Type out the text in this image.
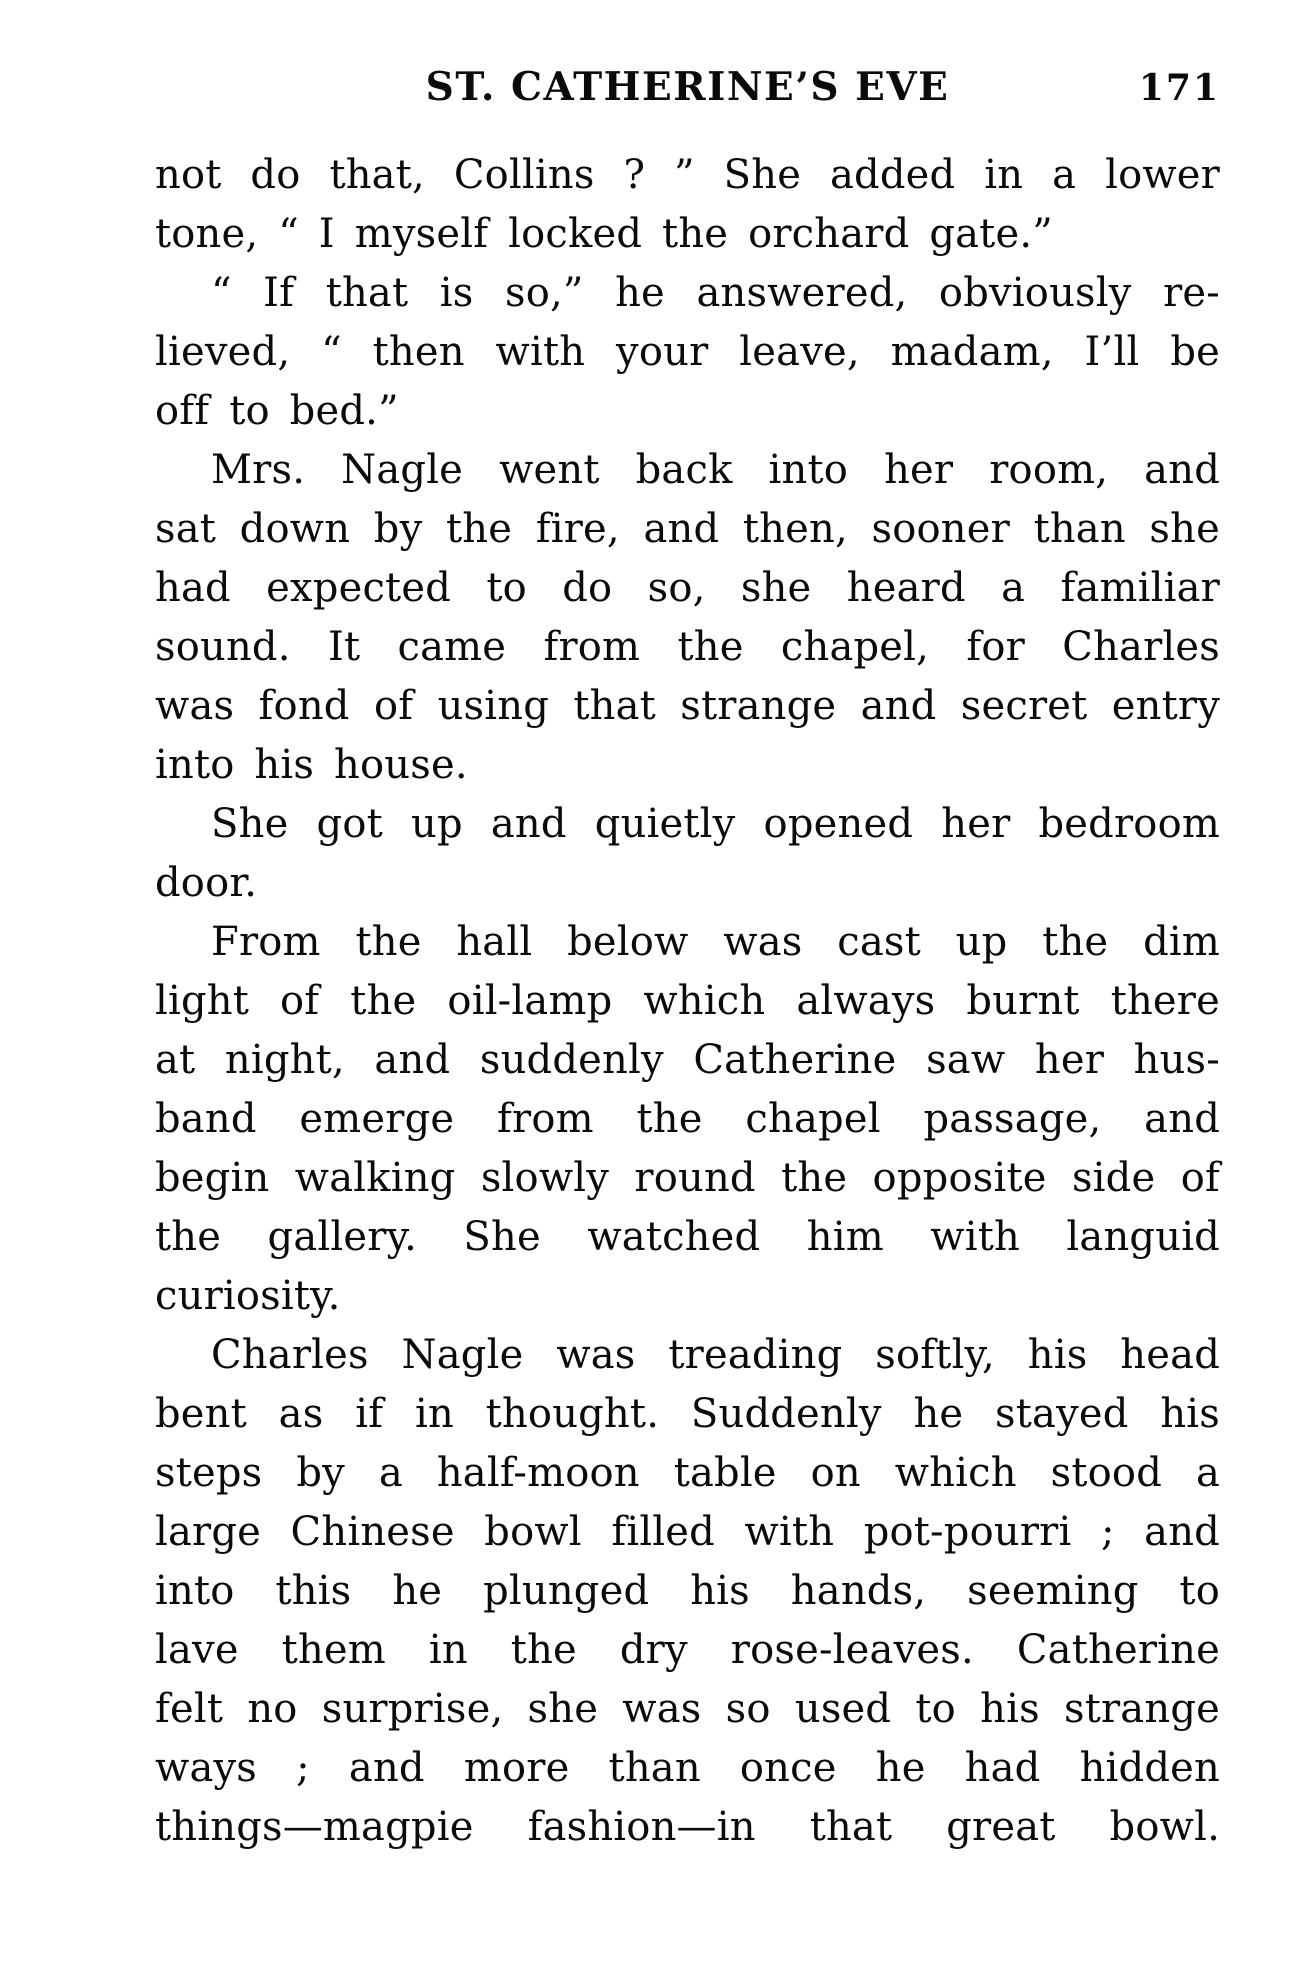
ST. CATHERINE’S EVE	171
not do that, Collins ? ” She added in a lower
tone, “ I myself locked the orchard gate.”
“ If that is so,” he answered, obviously re-
lieved, “ then with your leave, madam, I’ll be
off to bed.”
Mrs. Nagle went back into her room, and
sat down by the fire, and then, sooner than she
had expected to do so, she heard a familiar
sound. It came from the chapel, for Charles
was fond of using that strange and secret entry
into his house.
She got up and quietly opened her bedroom
door.
From the hall below was cast up the dim
light of the oil-lamp which always burnt there
at night, and suddenly Catherine saw her hus-
band emerge from the chapel passage, and
begin walking slowly round the opposite side of
the gallery. She watched him with languid
curiosity.
Charles Nagle was treading softly, his head
bent as if in thought. Suddenly he stayed his
steps by a half-moon table on which stood a
large Chinese bowl filled with pot-pourri ; and
into this he plunged his hands, seeming to
lave them in the dry rose-leaves. Catherine
felt no surprise, she was so used to his strange
ways ; and more than once he had hidden
things—magpie fashion—in that great bowl.
